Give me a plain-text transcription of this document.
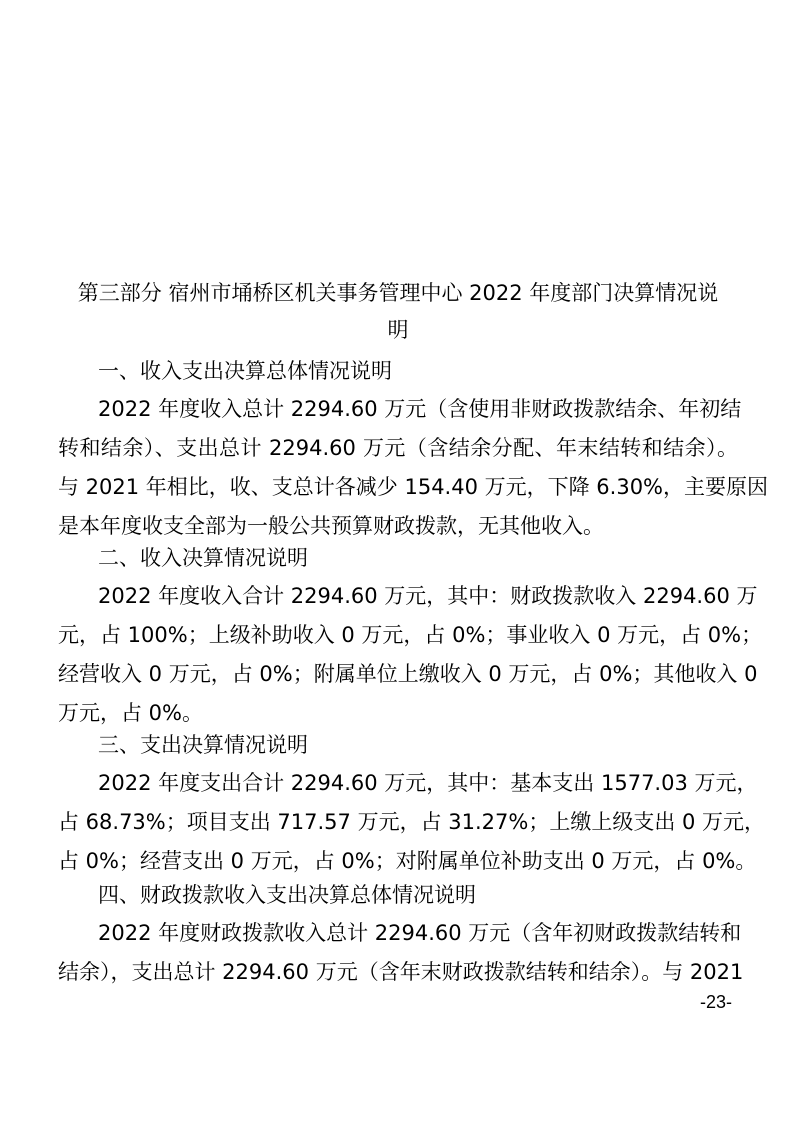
第三部分 宿州市埇桥区机关事务管理中心 2022 年度部门决算情况说
明
一、收入支出决算总体情况说明
2022 年度收入总计 2294.60 万元（含使用非财政拨款结余、年初结
转和结余）、支出总计 2294.60 万元（含结余分配、年末结转和结余）。
与 2021 年相比，收、支总计各减少 154.40 万元，下降 6.30%，主要原因
是本年度收支全部为一般公共预算财政拨款，无其他收入。
二、收入决算情况说明
2022 年度收入合计 2294.60 万元，其中：财政拨款收入 2294.60 万
元，占 100%；上级补助收入 0 万元，占 0%；事业收入 0 万元，占 0%；
经营收入 0 万元，占 0%；附属单位上缴收入 0 万元，占 0%；其他收入 0
万元，占 0%。
三、支出决算情况说明
2022 年度支出合计 2294.60 万元，其中：基本支出 1577.03 万元，
占 68.73%；项目支出 717.57 万元，占 31.27%；上缴上级支出 0 万元，
占 0%；经营支出 0 万元，占 0%；对附属单位补助支出 0 万元，占 0%。
四、财政拨款收入支出决算总体情况说明
2022 年度财政拨款收入总计 2294.60 万元（含年初财政拨款结转和
结余），支出总计 2294.60 万元（含年末财政拨款结转和结余）。与 2021
-23-
